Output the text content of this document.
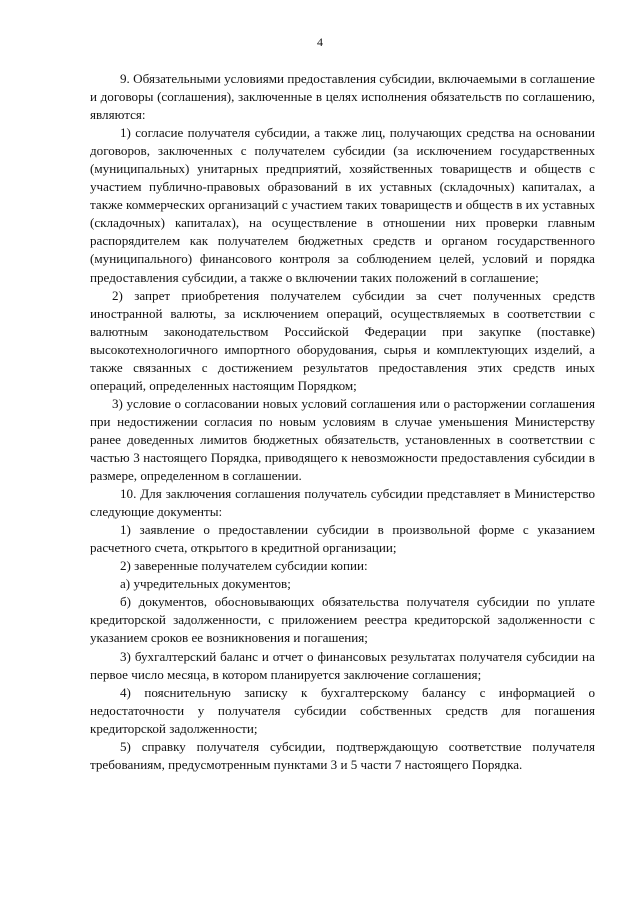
4

9. Обязательными условиями предоставления субсидии, включаемыми в соглашение и договоры (соглашения), заключенные в целях исполнения обязательств по соглашению, являются:

1) согласие получателя субсидии, а также лиц, получающих средства на основании договоров, заключенных с получателем субсидии (за исключением государственных (муниципальных) унитарных предприятий, хозяйственных товариществ и обществ с участием публично-правовых образований в их уставных (складочных) капиталах, а также коммерческих организаций с участием таких товариществ и обществ в их уставных (складочных) капиталах), на осуществление в отношении них проверки главным распорядителем как получателем бюджетных средств и органом государственного (муниципального) финансового контроля за соблюдением целей, условий и порядка предоставления субсидии, а также о включении таких положений в соглашение;

2) запрет приобретения получателем субсидии за счет полученных средств иностранной валюты, за исключением операций, осуществляемых в соответствии с валютным законодательством Российской Федерации при закупке (поставке) высокотехнологичного импортного оборудования, сырья и комплектующих изделий, а также связанных с достижением результатов предоставления этих средств иных операций, определенных настоящим Порядком;

3) условие о согласовании новых условий соглашения или о расторжении соглашения при недостижении согласия по новым условиям в случае уменьшения Министерству ранее доведенных лимитов бюджетных обязательств, установленных в соответствии с частью 3 настоящего Порядка, приводящего к невозможности предоставления субсидии в размере, определенном в соглашении.

10. Для заключения соглашения получатель субсидии представляет в Министерство следующие документы:

1) заявление о предоставлении субсидии в произвольной форме с указанием расчетного счета, открытого в кредитной организации;

2) заверенные получателем субсидии копии:

а) учредительных документов;

б) документов, обосновывающих обязательства получателя субсидии по уплате кредиторской задолженности, с приложением реестра кредиторской задолженности с указанием сроков ее возникновения и погашения;

3) бухгалтерский баланс и отчет о финансовых результатах получателя субсидии на первое число месяца, в котором планируется заключение соглашения;

4) пояснительную записку к бухгалтерскому балансу с информацией о недостаточности у получателя субсидии собственных средств для погашения кредиторской задолженности;

5) справку получателя субсидии, подтверждающую соответствие получателя требованиям, предусмотренным пунктами 3 и 5 части 7 настоящего Порядка.
